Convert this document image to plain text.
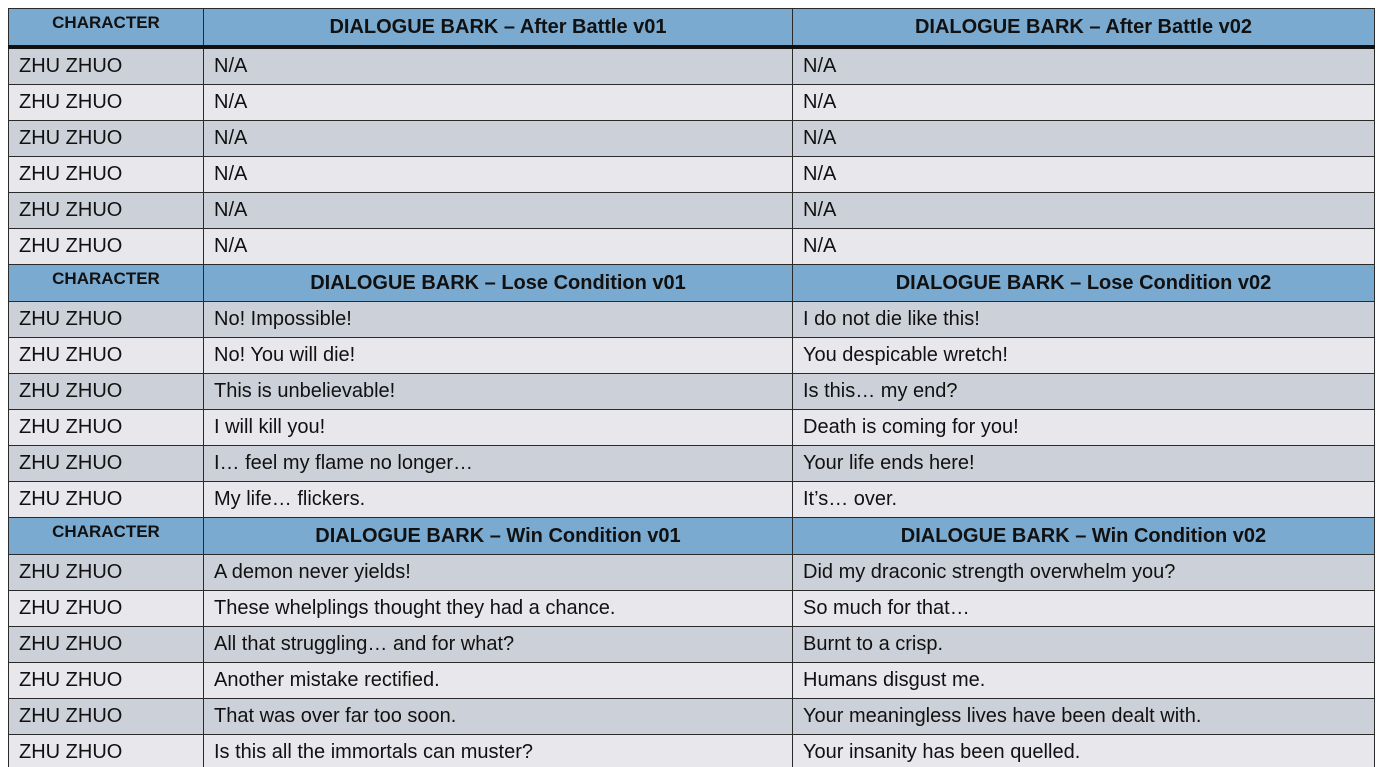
CHARACTER	DIALOGUE BARK – After Battle v01	DIALOGUE BARK – After Battle v02
ZHU ZHUO	N/A	N/A
ZHU ZHUO	N/A	N/A
ZHU ZHUO	N/A	N/A
ZHU ZHUO	N/A	N/A
ZHU ZHUO	N/A	N/A
ZHU ZHUO	N/A	N/A
CHARACTER	DIALOGUE BARK – Lose Condition v01	DIALOGUE BARK – Lose Condition v02
ZHU ZHUO	No! Impossible!	I do not die like this!
ZHU ZHUO	No! You will die!	You despicable wretch!
ZHU ZHUO	This is unbelievable!	Is this… my end?
ZHU ZHUO	I will kill you!	Death is coming for you!
ZHU ZHUO	I… feel my flame no longer…	Your life ends here!
ZHU ZHUO	My life… flickers.	It’s… over.
CHARACTER	DIALOGUE BARK – Win Condition v01	DIALOGUE BARK – Win Condition v02
ZHU ZHUO	A demon never yields!	Did my draconic strength overwhelm you?
ZHU ZHUO	These whelplings thought they had a chance.	So much for that…
ZHU ZHUO	All that struggling… and for what?	Burnt to a crisp.
ZHU ZHUO	Another mistake rectified.	Humans disgust me.
ZHU ZHUO	That was over far too soon.	Your meaningless lives have been dealt with.
ZHU ZHUO	Is this all the immortals can muster?	Your insanity has been quelled.
